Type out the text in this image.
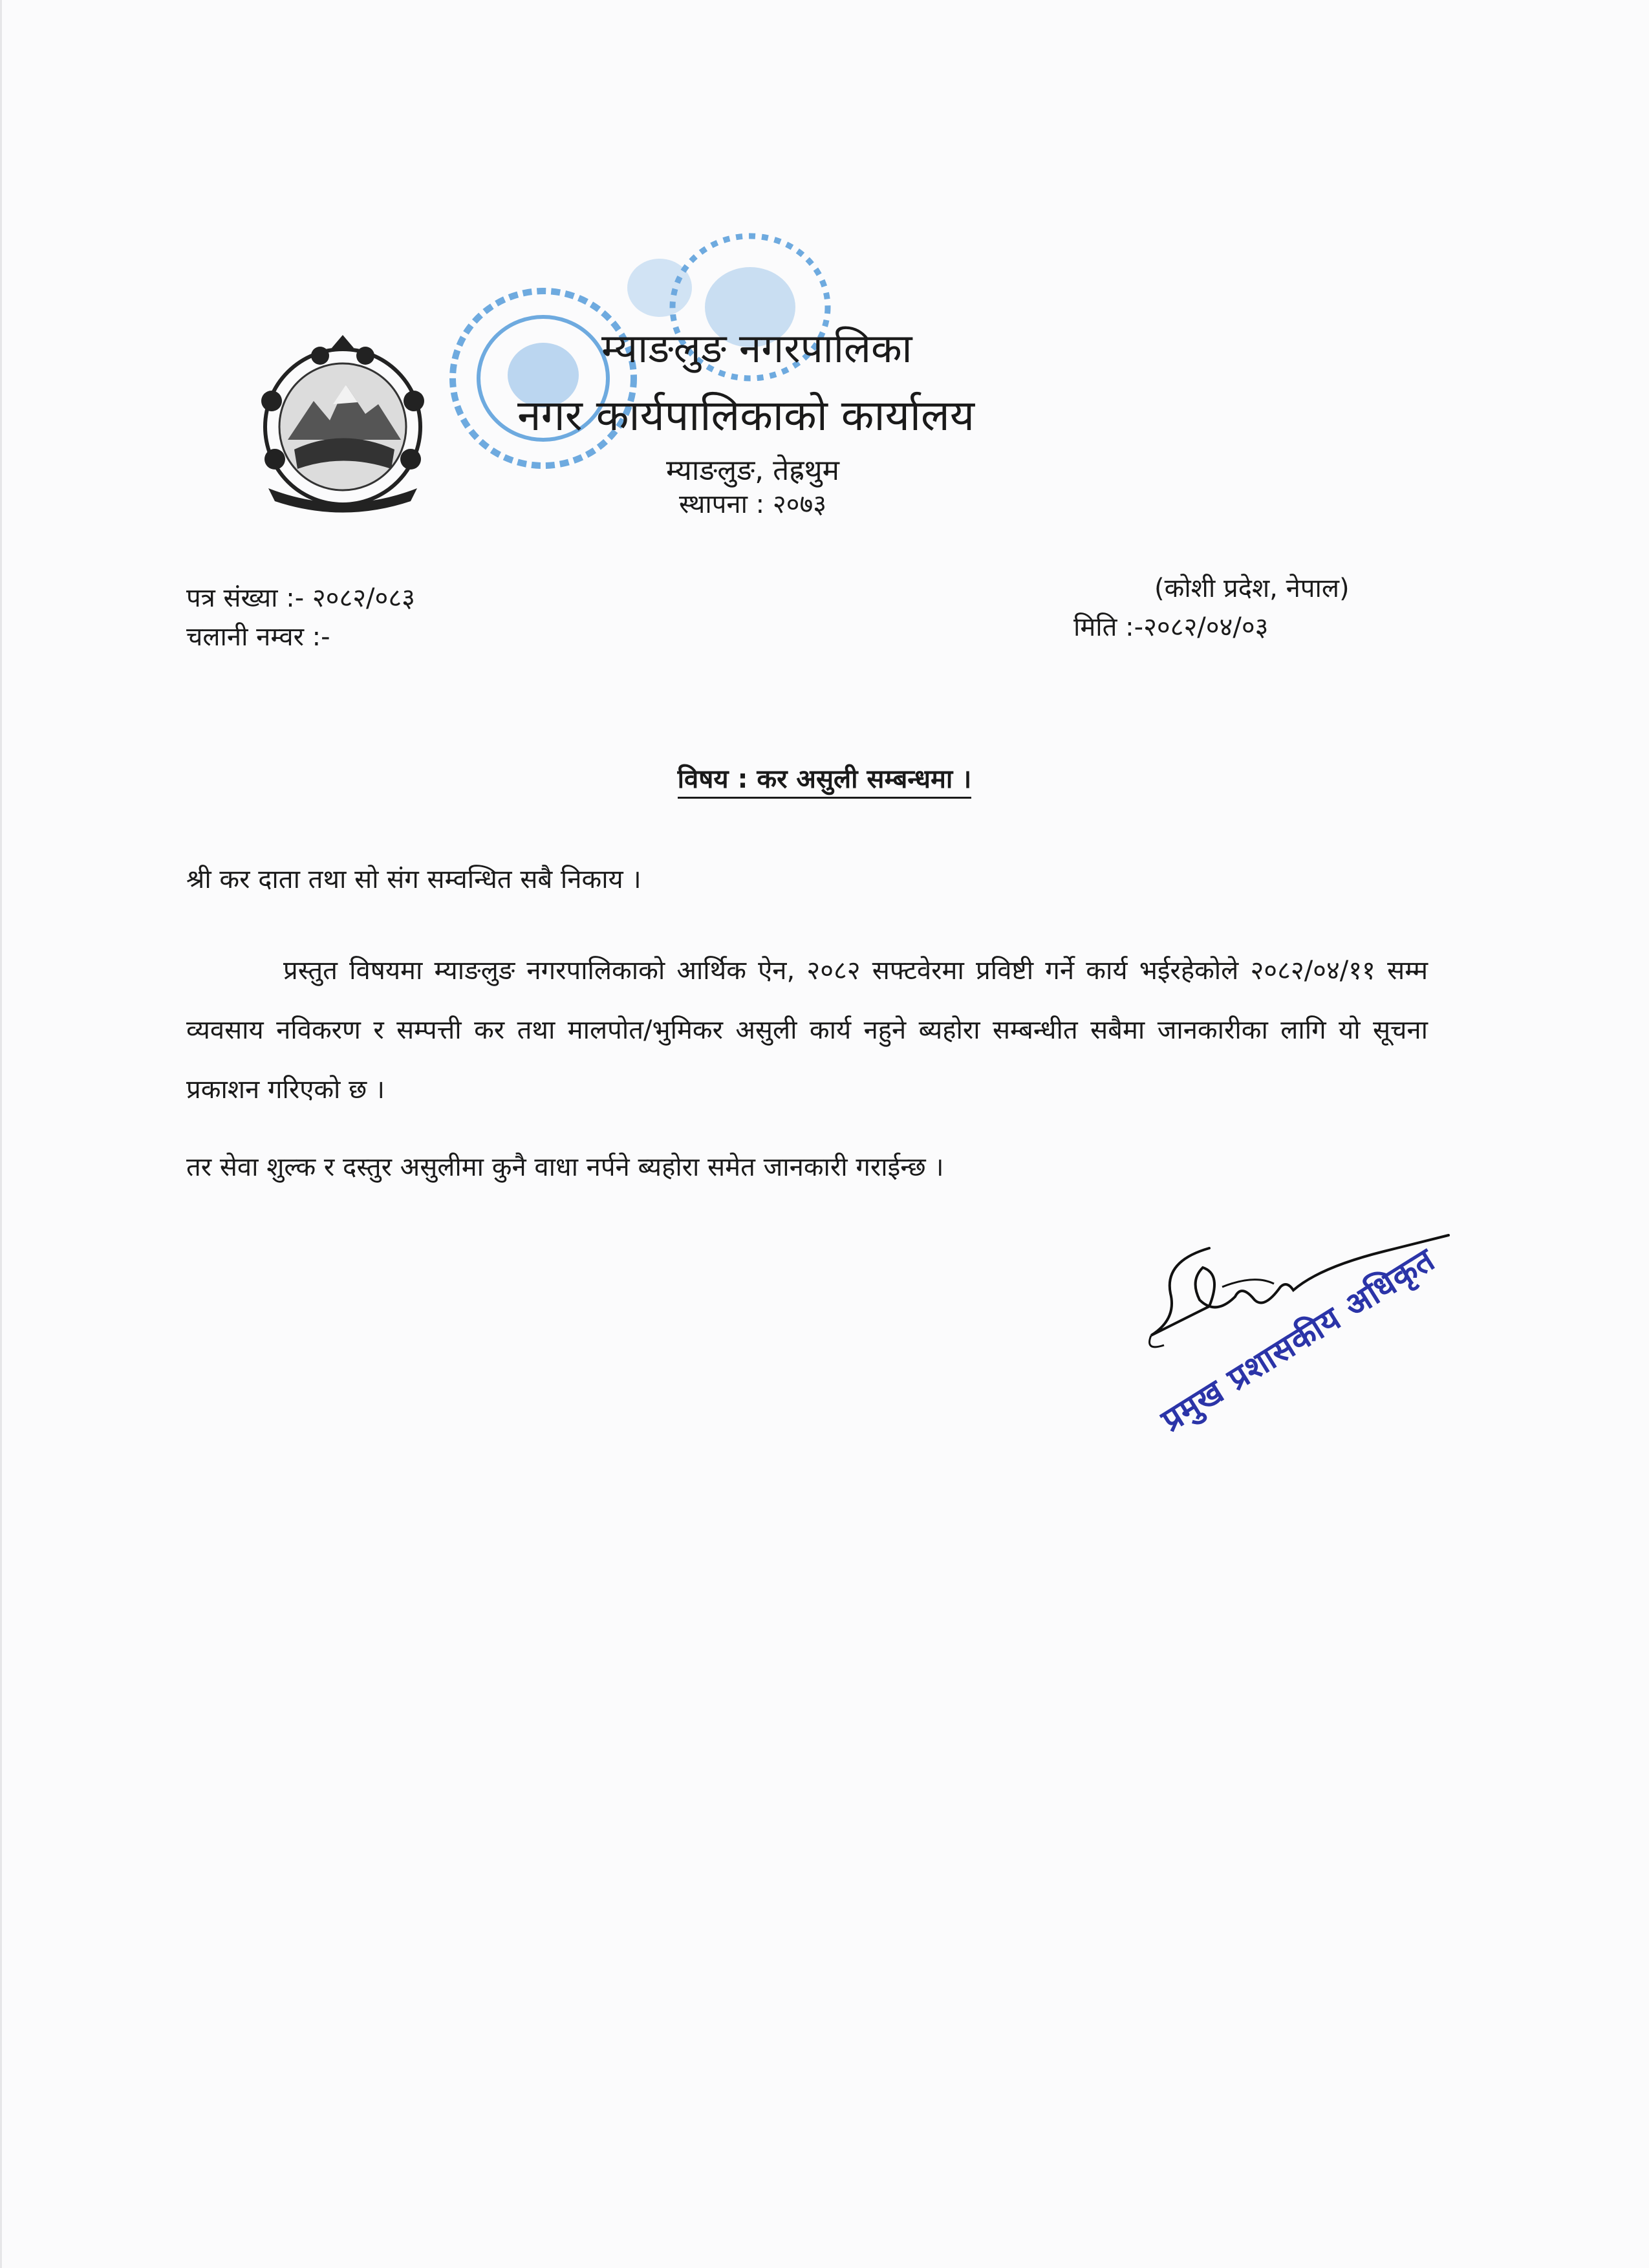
म्याङलुङ नगरपालिका
नगर कार्यपालिकाको कार्यालय
म्याङलुङ, तेह्रथुम
स्थापना : २०७३
पत्र संख्या :- २०८२/०८३
चलानी नम्वर :-
(कोशी प्रदेश, नेपाल)
मिति :-२०८२/०४/०३
विषय : कर असुली सम्बन्धमा ।
श्री कर दाता तथा सो संग सम्वन्धित सबै निकाय ।

प्रस्तुत विषयमा म्याङलुङ नगरपालिकाको आर्थिक ऐन, २०८२ सफ्टवेरमा प्रविष्टी गर्ने कार्य भईरहेकोले २०८२/०४/११ सम्म व्यवसाय नविकरण र सम्पत्ती कर तथा मालपोत/भुमिकर असुली कार्य नहुने ब्यहोरा सम्बन्धीत सबैमा जानकारीका लागि यो सूचना प्रकाशन गरिएको छ ।

तर सेवा शुल्क र दस्तुर असुलीमा कुनै वाधा नर्पने ब्यहोरा समेत जानकारी गराईन्छ ।
प्रमुख प्रशासकीय अधिकृत
